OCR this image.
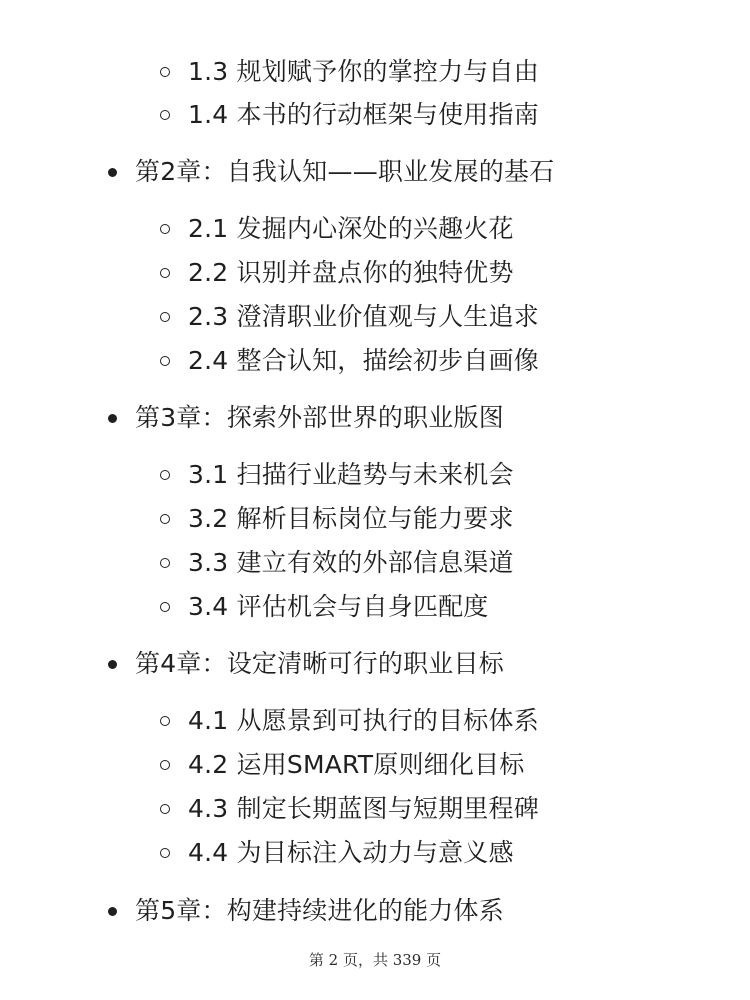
1.3 规划赋予你的掌控力与自由
1.4 本书的行动框架与使用指南
第2章：自我认知——职业发展的基石
2.1 发掘内心深处的兴趣火花
2.2 识别并盘点你的独特优势
2.3 澄清职业价值观与人生追求
2.4 整合认知，描绘初步自画像
第3章：探索外部世界的职业版图
3.1 扫描行业趋势与未来机会
3.2 解析目标岗位与能力要求
3.3 建立有效的外部信息渠道
3.4 评估机会与自身匹配度
第4章：设定清晰可行的职业目标
4.1 从愿景到可执行的目标体系
4.2 运用SMART原则细化目标
4.3 制定长期蓝图与短期里程碑
4.4 为目标注入动力与意义感
第5章：构建持续进化的能力体系
第 2 页，共 339 页
